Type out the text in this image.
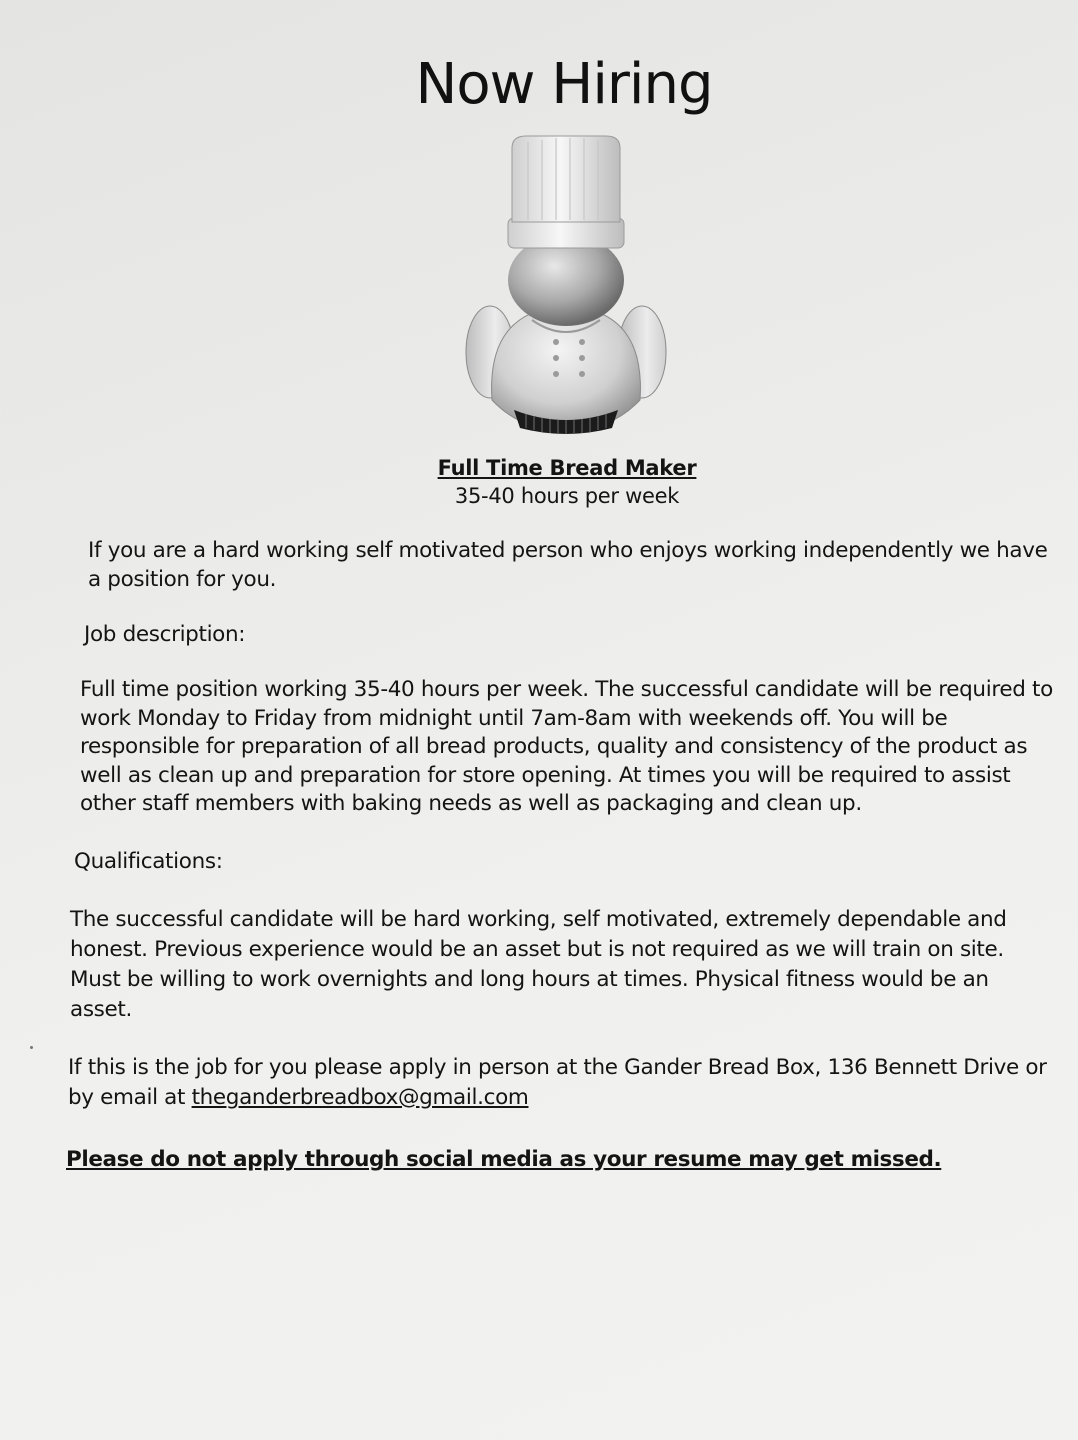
Now Hiring
Full Time Bread Maker
35-40 hours per week

If you are a hard working self motivated person who enjoys working independently we have a position for you.

Job description:

Full time position working 35-40 hours per week. The successful candidate will be required to work Monday to Friday from midnight until 7am-8am with weekends off. You will be responsible for preparation of all bread products, quality and consistency of the product as well as clean up and preparation for store opening. At times you will be required to assist other staff members with baking needs as well as packaging and clean up.

Qualifications:

The successful candidate will be hard working, self motivated, extremely dependable and honest. Previous experience would be an asset but is not required as we will train on site. Must be willing to work overnights and long hours at times. Physical fitness would be an asset.

If this is the job for you please apply in person at the Gander Bread Box, 136 Bennett Drive or by email at theganderbreadbox@gmail.com

Please do not apply through social media as your resume may get missed.
